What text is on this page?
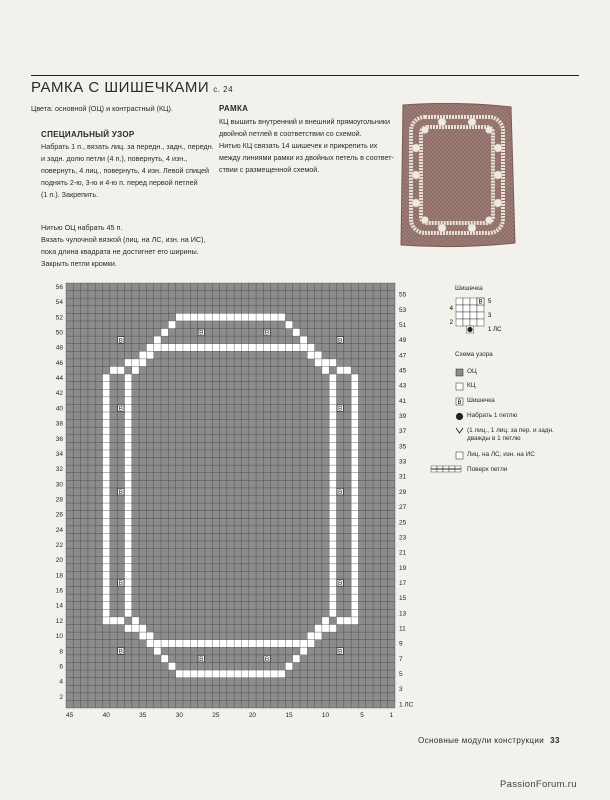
РАМКА С ШИШЕЧКАМИ с. 24
Цвета: основной (ОЦ) и контрастный (КЦ).
СПЕЦИАЛЬНЫЙ УЗОР
Набрать 1 п., вязать лиц. за передн., задн., передн.
и задн. долю петли (4 п.), повернуть, 4 изн.,
повернуть, 4 лиц., повернуть, 4 изн. Левой спицей
поднять 2-ю, 3-ю и 4-ю п. перед первой петлей
(1 п.). Закрепить.
Нитью ОЦ набрать 45 п.
Вязать чулочной вязкой (лиц. на ЛС, изн. на ИС),
пока длина квадрата не достигнет его ширины.
Закрыть петли кромки.
РАМКА
КЦ вышить внутренний и внешний прямоугольники
двойной петлей в соответствии со схемой.
Нитью КЦ связать 14 шишечек и прикрепить их
между линиями рамки из двойных петель в соответ-
ствии с размещенной схемой.
B	B
B	B
B	B
B	B
B	B
B	B
B	B
56
54
52
50
48
46
44
42
40
38
36
34
32
30
28
26
24
22
20
18
16
14
12
10
8
6
4
2
55
53
51
49
47
45
43
41
39
37
35
33
31
29
27
25
23
21
19
17
15
13
11
9
7
5
3
1 ЛС
45	40	35	30	25	20	15	10	5	1
B 5
4
3
2
1 ЛС
B
Шишечка
Схема узора
ОЦ
КЦ
Шишечка
Набрать 1 петлю
(1 лиц., 1 лиц. за пер. и задн.
дважды в 1 петлю
Лиц. на ЛС, изн. на ИС
Поверх петли
Основные модули конструкции 33
PassionForum.ru
